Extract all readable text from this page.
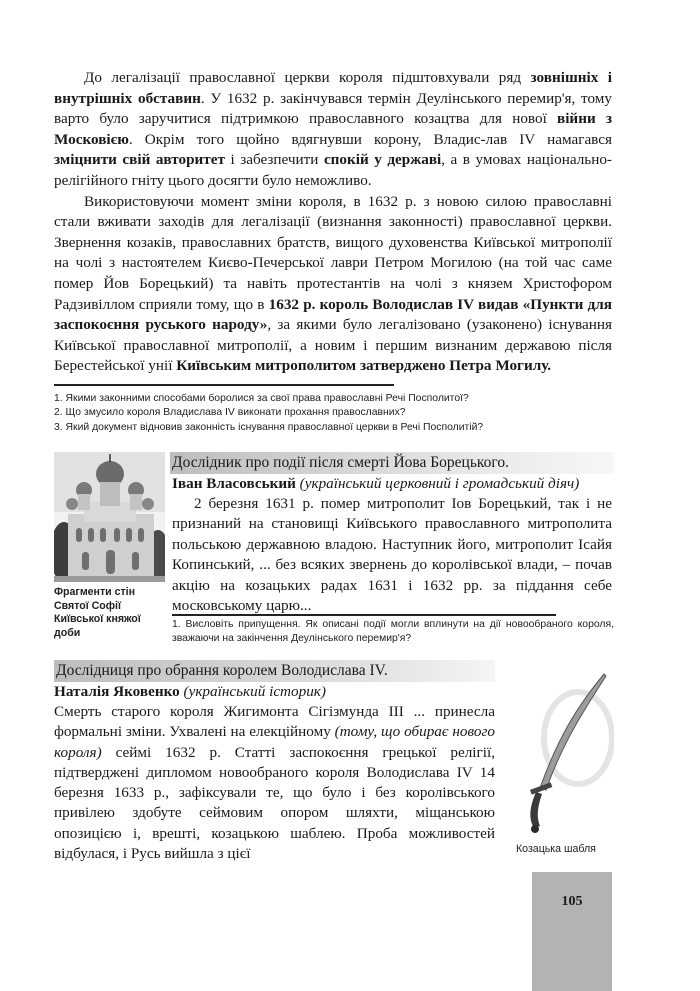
До легалізації православної церкви короля підштовхували ряд зовнішніх і внутрішніх обставин. У 1632 р. закінчувався термін Деулінського перемир'я, тому варто було заручитися підтримкою православного козацтва для нової війни з Московією. Окрім того щойно вдягнувши корону, Владис-лав IV намагався зміцнити свій авторитет і забезпечити спокій у державі, а в умовах національно-релігійного гніту цього досягти було неможливо.

Використовуючи момент зміни короля, в 1632 р. з новою силою православні стали вживати заходів для легалізації (визнання законності) православної церкви. Звернення козаків, православних братств, вищого духовенства Київської митрополії на чолі з настоятелем Києво-Печерської лаври Петром Могилою (на той час саме помер Йов Борецький) та навіть протестантів на чолі з князем Христофором Радзивіллом сприяли тому, що в 1632 р. король Володислав IV видав «Пункти для заспокоєння руського народу», за якими було легалізовано (узаконено) існування Київської православної митрополії, а новим і першим визнаним державою після Берестейської унії Київським митрополитом затверджено Петра Могилу.

1. Якими законними способами боролися за свої права православні Речі Посполитої?
2. Що змусило короля Владислава IV виконати прохання православних?
3. Який документ відновив законність існування православної церкви в Речі Посполитій?
Фрагменти стін Святої Софії Київської княжої доби
Дослідник про події після смерті Йова Борецького.
Іван Власовський (український церковний і громадський діяч)

2 березня 1631 р. помер митрополит Іов Борецький, так і не признаний на становищі Київського православного митрополита польською державною владою. Наступник його, митрополит Ісайя Копинський, ... без всяких звернень до королівської влади, – почав акцію на козацьких радах 1631 і 1632 рр. за піддання себе московському царю...

1. Висловіть припущення. Як описані події могли вплинути на дії новообраного короля, зважаючи на закінчення Деулінського перемир'я?
Дослідниця про обрання королем Володислава IV.
Наталія Яковенко (український історик)
Смерть старого короля Жигимонта Сігізмунда ІІІ ... принесла формальні зміни. Ухвалені на елекційному (тому, що обирає нового короля) сеймі 1632 р. Статті заспокоєння грецької релігії, підтверджені дипломом новообраного короля Володислава IV 14 березня 1633 р., зафіксували те, що було і без королівського привілею здобуте сеймовим опором шляхти, міщанською опозицією і, врешті, козацькою шаблею. Проба можливостей відбулася, і Русь вийшла з цієї	Козацька шабля
105
